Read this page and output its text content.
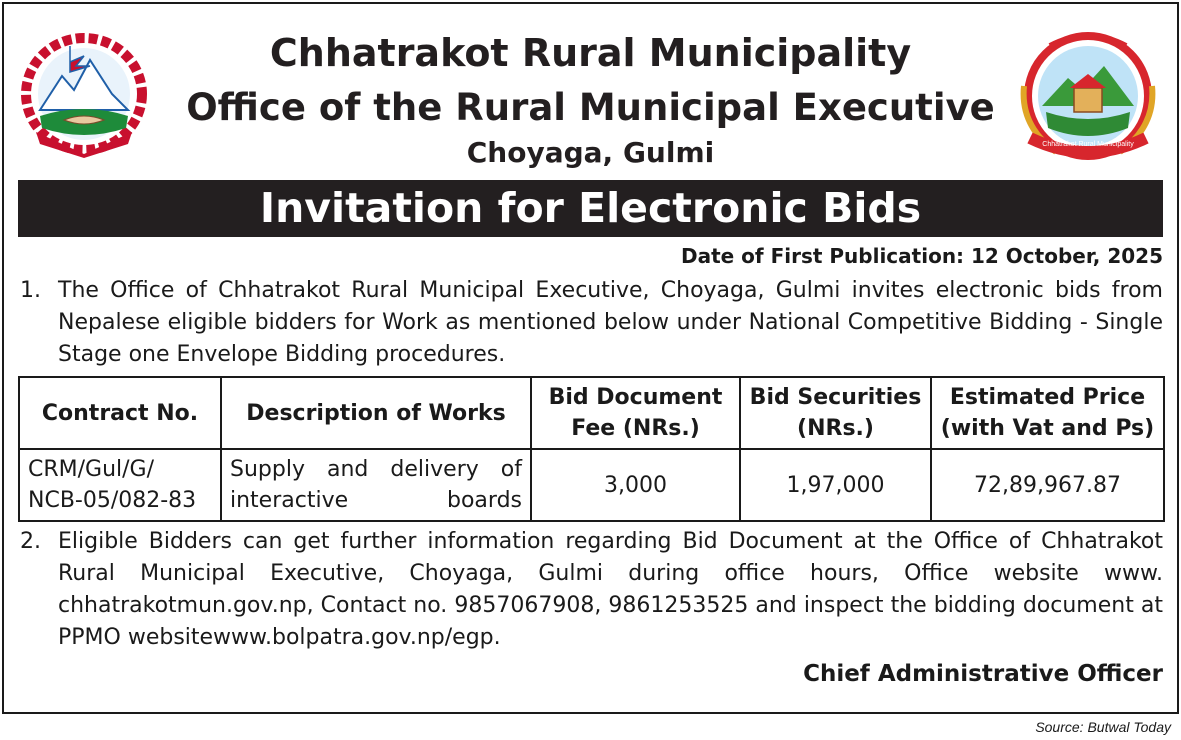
Chhatrakot Rural Municipality
Chhatrakot Rural Municipality
Office of the Rural Municipal Executive
Choyaga, Gulmi
Invitation for Electronic Bids
Date of First Publication: 12 October, 2025
1. The Office of Chhatrakot Rural Municipal Executive, Choyaga, Gulmi invites electronic bids from Nepalese eligible bidders for Work as mentioned below under National Competitive Bidding - Single Stage one Envelope Bidding procedures.
Contract No.	Description of Works	Bid Document Fee (NRs.)	Bid Securities (NRs.)	Estimated Price (with Vat and Ps)
CRM/Gul/G/ NCB-05/082-83	Supply and delivery of interactive boards	3,000	1,97,000	72,89,967.87
2. Eligible Bidders can get further information regarding Bid Document at the Office of Chhatrakot Rural Municipal Executive, Choyaga, Gulmi during office hours, Office website www. chhatrakotmun.gov.np, Contact no. 9857067908, 9861253525 and inspect the bidding document at PPMO websitewww.bolpatra.gov.np/egp.
Chief Administrative Officer
Source: Butwal Today
